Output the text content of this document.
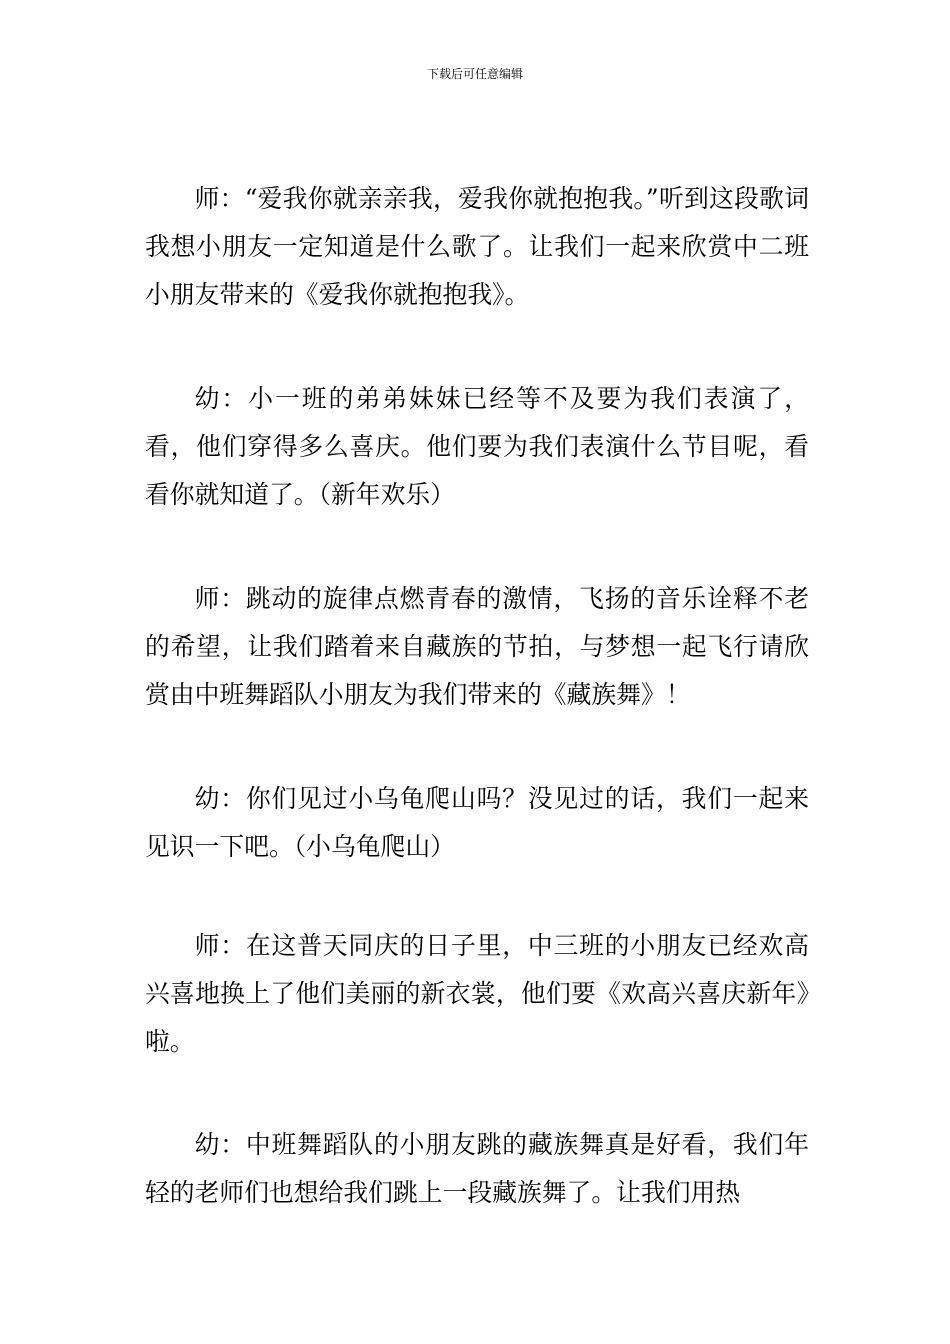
下载后可任意编辑

师：“爱我你就亲亲我，爱我你就抱抱我。”听到这段歌词我想小朋友一定知道是什么歌了。让我们一起来欣赏中二班小朋友带来的《爱我你就抱抱我》。

幼：小一班的弟弟妹妹已经等不及要为我们表演了，看，他们穿得多么喜庆。他们要为我们表演什么节目呢，看看你就知道了。（新年欢乐）

师：跳动的旋律点燃青春的激情，飞扬的音乐诠释不老的希望，让我们踏着来自藏族的节拍，与梦想一起飞行请欣赏由中班舞蹈队小朋友为我们带来的《藏族舞》！

幼：你们见过小乌龟爬山吗？没见过的话，我们一起来见识一下吧。（小乌龟爬山）

师：在这普天同庆的日子里，中三班的小朋友已经欢高兴喜地换上了他们美丽的新衣裳，他们要《欢高兴喜庆新年》啦。

幼：中班舞蹈队的小朋友跳的藏族舞真是好看，我们年轻的老师们也想给我们跳上一段藏族舞了。让我们用热
